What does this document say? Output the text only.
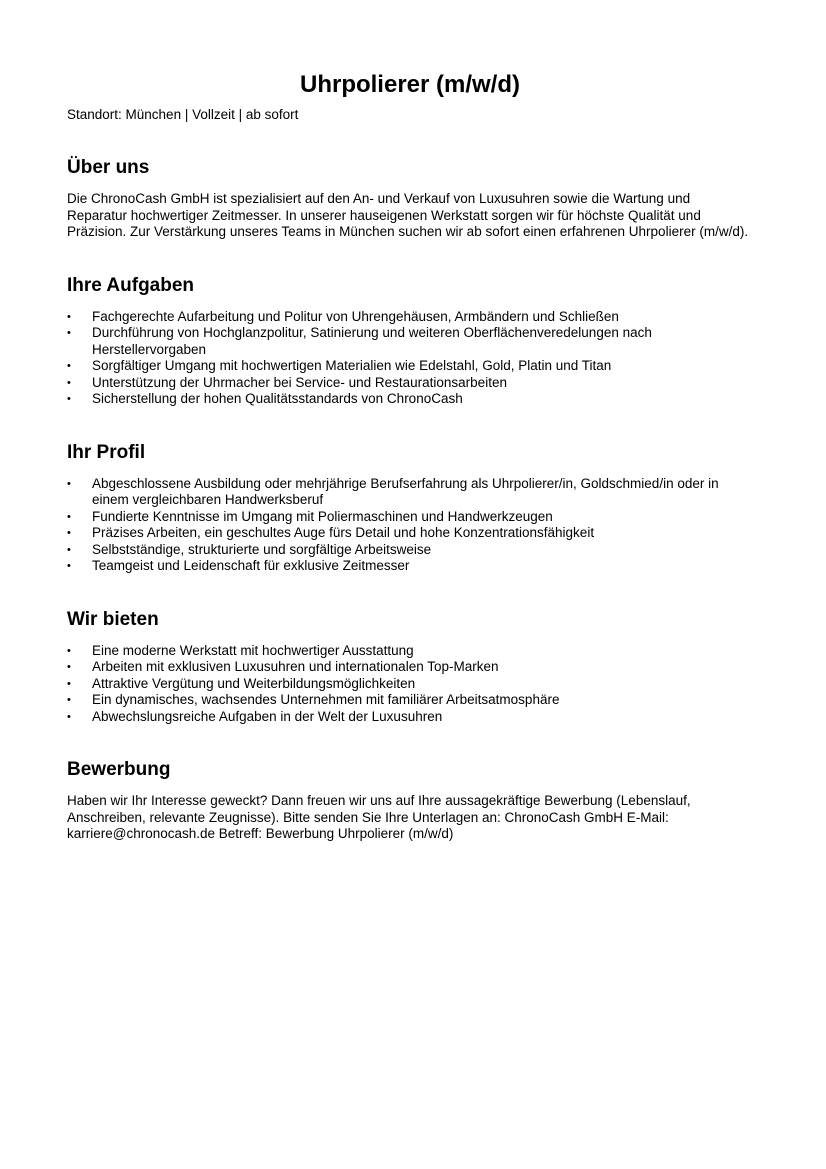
Uhrpolierer (m/w/d)
Standort: München | Vollzeit | ab sofort
Über uns

Die ChronoCash GmbH ist spezialisiert auf den An- und Verkauf von Luxusuhren sowie die Wartung und Reparatur hochwertiger Zeitmesser. In unserer hauseigenen Werkstatt sorgen wir für höchste Qualität und Präzision. Zur Verstärkung unseres Teams in München suchen wir ab sofort einen erfahrenen Uhrpolierer (m/w/d).

Ihre Aufgaben
• Fachgerechte Aufarbeitung und Politur von Uhrengehäusen, Armbändern und Schließen
• Durchführung von Hochglanzpolitur, Satinierung und weiteren Oberflächenveredelungen nach Herstellervorgaben
• Sorgfältiger Umgang mit hochwertigen Materialien wie Edelstahl, Gold, Platin und Titan
• Unterstützung der Uhrmacher bei Service- und Restaurationsarbeiten
• Sicherstellung der hohen Qualitätsstandards von ChronoCash
Ihr Profil
• Abgeschlossene Ausbildung oder mehrjährige Berufserfahrung als Uhrpolierer/in, Goldschmied/in oder in einem vergleichbaren Handwerksberuf
• Fundierte Kenntnisse im Umgang mit Poliermaschinen und Handwerkzeugen
• Präzises Arbeiten, ein geschultes Auge fürs Detail und hohe Konzentrationsfähigkeit
• Selbstständige, strukturierte und sorgfältige Arbeitsweise
• Teamgeist und Leidenschaft für exklusive Zeitmesser
Wir bieten
• Eine moderne Werkstatt mit hochwertiger Ausstattung
• Arbeiten mit exklusiven Luxusuhren und internationalen Top-Marken
• Attraktive Vergütung und Weiterbildungsmöglichkeiten
• Ein dynamisches, wachsendes Unternehmen mit familiärer Arbeitsatmosphäre
• Abwechslungsreiche Aufgaben in der Welt der Luxusuhren
Bewerbung

Haben wir Ihr Interesse geweckt? Dann freuen wir uns auf Ihre aussagekräftige Bewerbung (Lebenslauf, Anschreiben, relevante Zeugnisse). Bitte senden Sie Ihre Unterlagen an: ChronoCash GmbH E-Mail: karriere@chronocash.de Betreff: Bewerbung Uhrpolierer (m/w/d)
